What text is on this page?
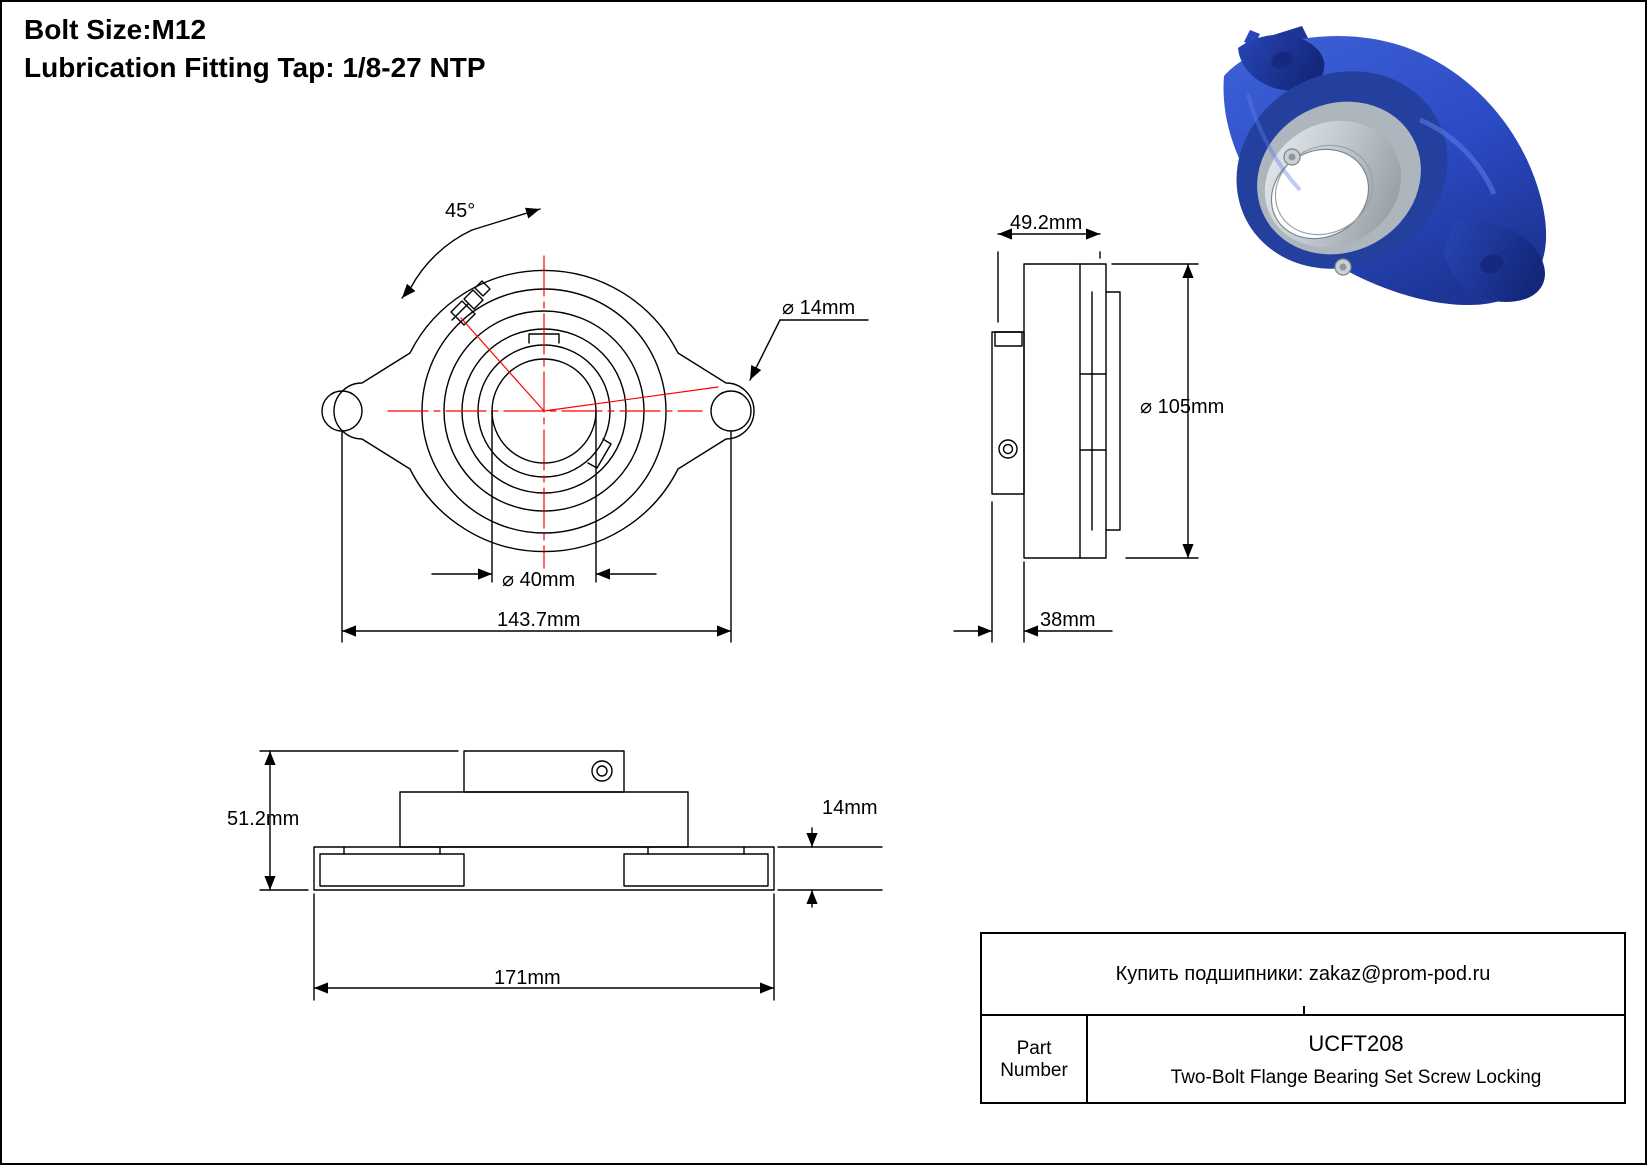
Bolt Size:M12
Lubrication Fitting Tap: 1/8-27 NTP
45°
⌀ 14mm
⌀ 40mm
143.7mm
49.2mm
⌀ 105mm
38mm
51.2mm	14mm
171mm	Купить подшипники: zakaz@prom-pod.ru
Part
Number
UCFT208
Two-Bolt Flange Bearing Set Screw Locking
